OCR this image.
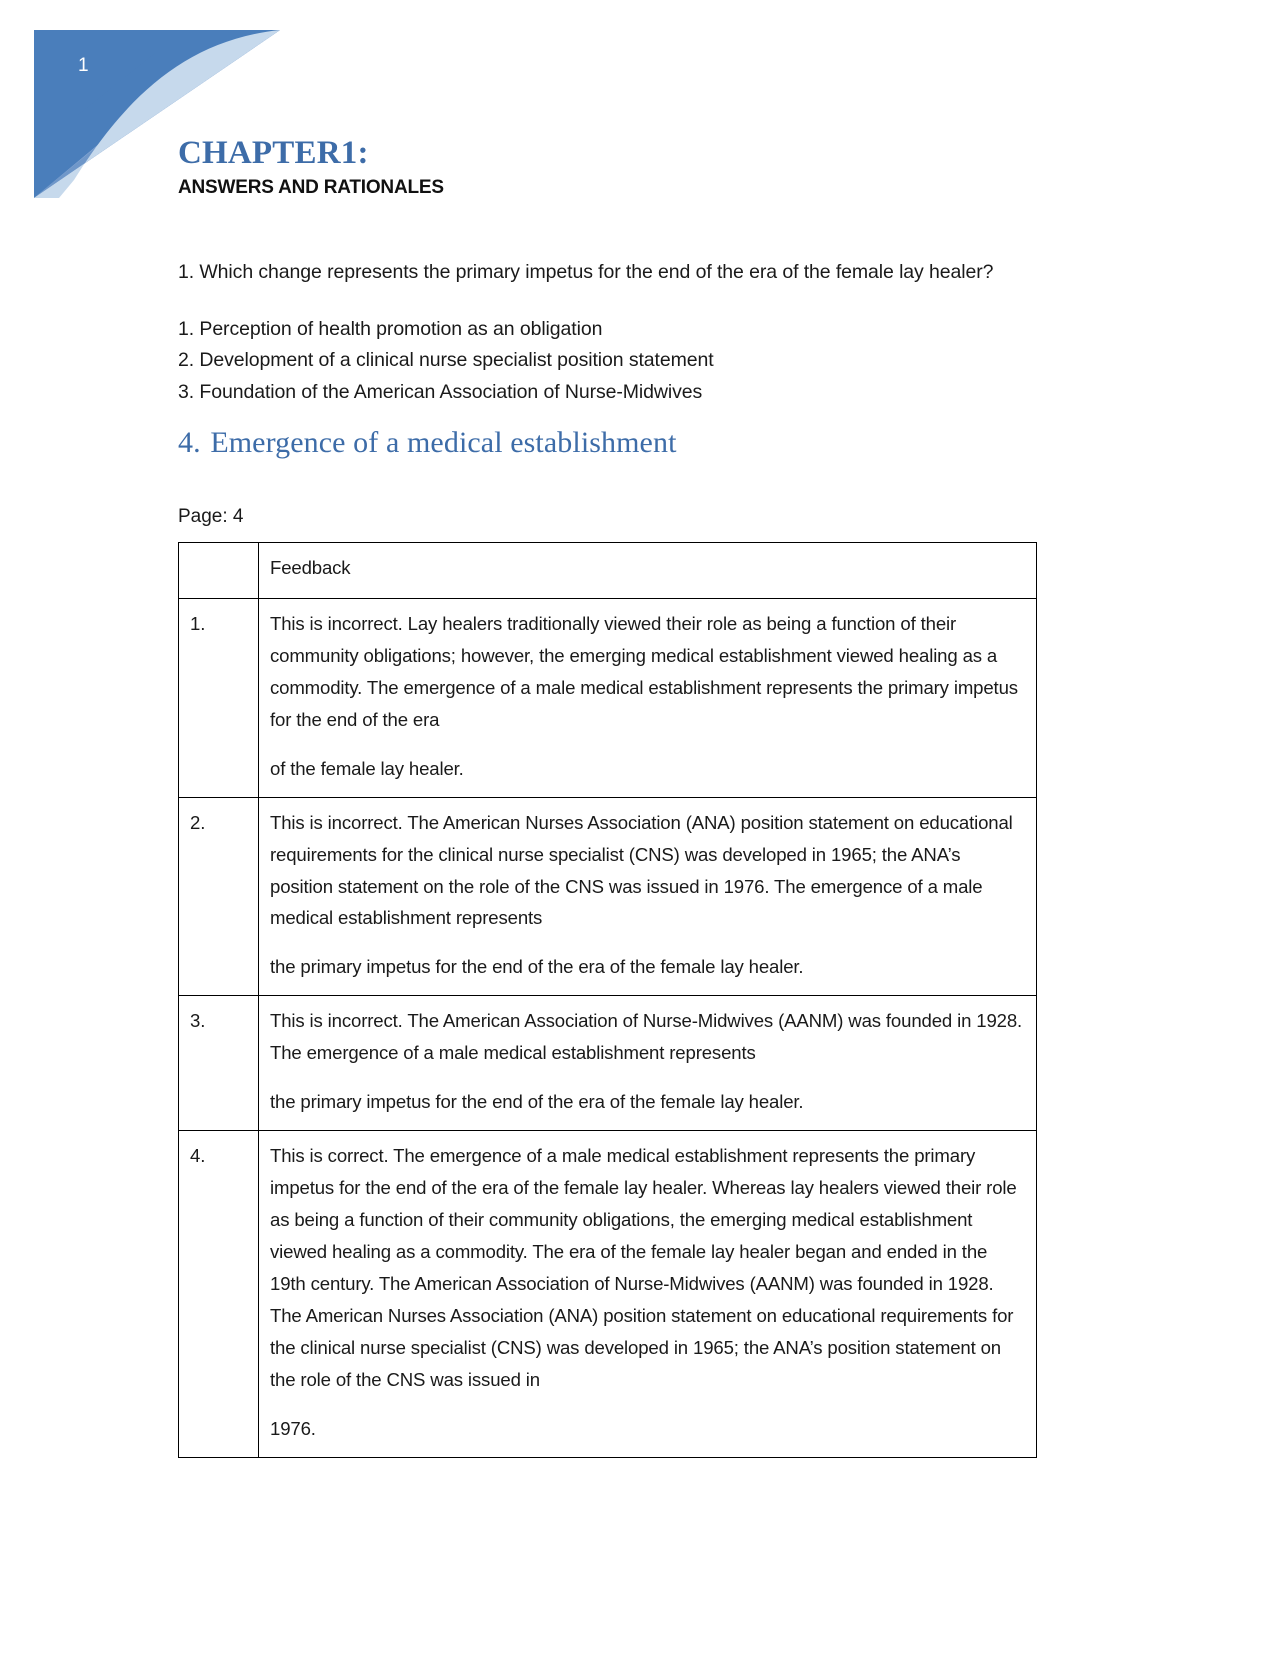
1
CHAPTER1:
ANSWERS AND RATIONALES

1. Which change represents the primary impetus for the end of the era of the female lay healer?

1. Perception of health promotion as an obligation
2. Development of a clinical nurse specialist position statement
3. Foundation of the American Association of Nurse-Midwives
4. Emergence of a medical establishment
Page: 4
	Feedback
1.	This is incorrect. Lay healers traditionally viewed their role as being a function of their community obligations; however, the emerging medical establishment viewed healing as a commodity. The emergence of a male medical establishment represents the primary impetus for the end of the era

of the female lay healer.

2.	This is incorrect. The American Nurses Association (ANA) position statement on educational requirements for the clinical nurse specialist (CNS) was developed in 1965; the ANA’s position statement on the role of the CNS was issued in 1976. The emergence of a male medical establishment represents

the primary impetus for the end of the era of the female lay healer.

3.	This is incorrect. The American Association of Nurse-Midwives (AANM) was founded in 1928. The emergence of a male medical establishment represents

the primary impetus for the end of the era of the female lay healer.

4.	This is correct. The emergence of a male medical establishment represents the primary impetus for the end of the era of the female lay healer. Whereas lay healers viewed their role as being a function of their community obligations, the emerging medical establishment viewed healing as a commodity. The era of the female lay healer began and ended in the 19th century. The American Association of Nurse-Midwives (AANM) was founded in 1928. The American Nurses Association (ANA) position statement on educational requirements for the clinical nurse specialist (CNS) was developed in 1965; the ANA’s position statement on the role of the CNS was issued in

1976.
